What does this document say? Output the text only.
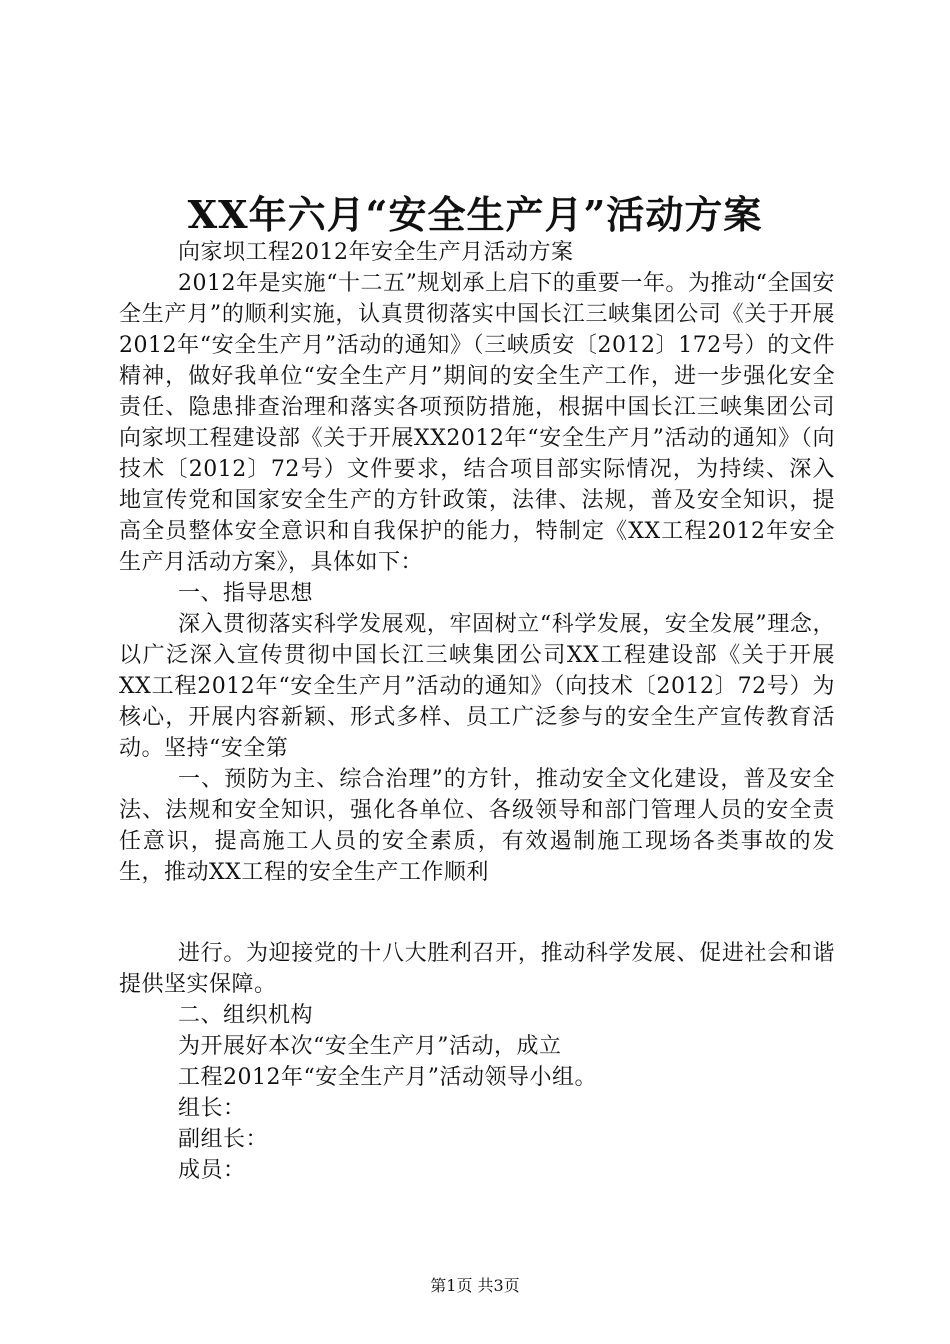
XX年六月“安全生产月”活动方案

向家坝工程2012年安全生产月活动方案

2012年是实施“十二五”规划承上启下的重要一年。为推动“全国安全生产月”的顺利实施，认真贯彻落实中国长江三峡集团公司《关于开展2012年“安全生产月”活动的通知》（三峡质安〔2012〕172号）的文件精神，做好我单位“安全生产月”期间的安全生产工作，进一步强化安全责任、隐患排查治理和落实各项预防措施，根据中国长江三峡集团公司向家坝工程建设部《关于开展XX2012年“安全生产月”活动的通知》（向技术〔2012〕72号）文件要求，结合项目部实际情况，为持续、深入地宣传党和国家安全生产的方针政策，法律、法规，普及安全知识，提高全员整体安全意识和自我保护的能力，特制定《XX工程2012年安全生产月活动方案》，具体如下：

一、指导思想

深入贯彻落实科学发展观，牢固树立“科学发展，安全发展”理念，以广泛深入宣传贯彻中国长江三峡集团公司XX工程建设部《关于开展XX工程2012年“安全生产月”活动的通知》（向技术〔2012〕72号）为核心，开展内容新颖、形式多样、员工广泛参与的安全生产宣传教育活动。坚持“安全第

一、预防为主、综合治理”的方针，推动安全文化建设，普及安全法、法规和安全知识，强化各单位、各级领导和部门管理人员的安全责任意识，提高施工人员的安全素质，有效遏制施工现场各类事故的发生，推动XX工程的安全生产工作顺利

进行。为迎接党的十八大胜利召开，推动科学发展、促进社会和谐提供坚实保障。

二、组织机构

为开展好本次“安全生产月”活动，成立

工程2012年“安全生产月”活动领导小组。

组长：

副组长：

成员：

第1页 共3页
